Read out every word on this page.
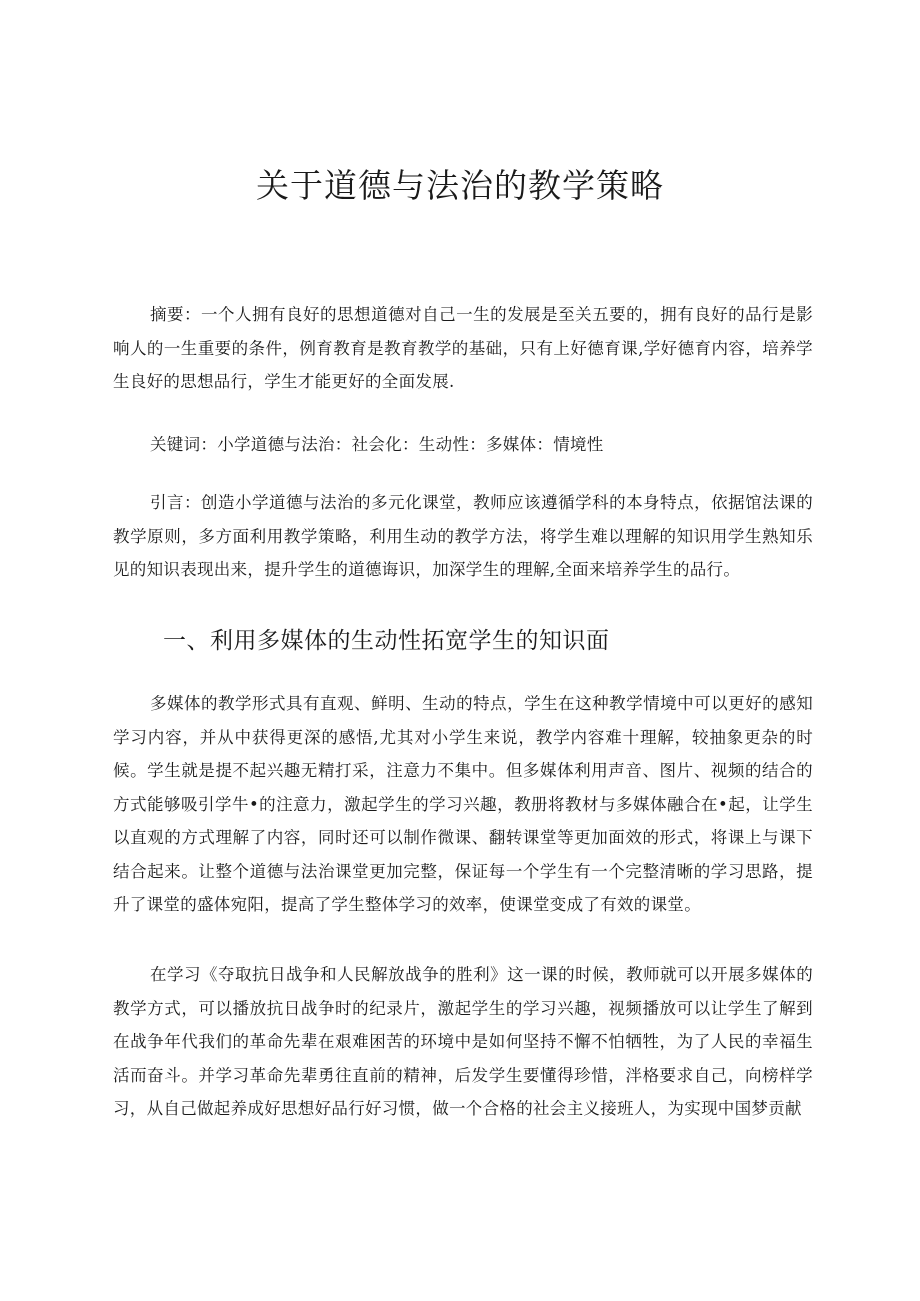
关于道德与法治的教学策略

摘要：一个人拥有良好的思想道德对自己一生的发展是至关五要的，拥有良好的品行是影响人的一生重要的条件，例育教育是教育教学的基础，只有上好德育课,学好德育内容，培养学生良好的思想品行，学生才能更好的全面发展.

关键词：小学道德与法治：社会化：生动性：多媒体：情境性

引言：创造小学道德与法治的多元化课堂，教师应该遵循学科的本身特点，依据馆法课的教学原则，多方面利用教学策略，利用生动的教学方法，将学生难以理解的知识用学生熟知乐见的知识表现出来，提升学生的道德诲识，加深学生的理解,全面来培养学生的品行。

一、利用多媒体的生动性拓宽学生的知识面

多媒体的教学形式具有直观、鲜明、生动的特点，学生在这种教学情境中可以更好的感知学习内容，并从中获得更深的感悟,尤其对小学生来说，教学内容难十理解，较抽象更杂的时候。学生就是提不起兴趣无精打采，注意力不集中。但多媒体利用声音、图片、视频的结合的方式能够吸引学牛•的注意力，激起学生的学习兴趣，教册将教材与多媒体融合在•起，让学生以直观的方式理解了内容，同时还可以制作微课、翻转课堂等更加面效的形式，将课上与课下结合起来。让整个道德与法治课堂更加完整，保证每一个学生有一个完整清晰的学习思路，提升了课堂的盛体宛阳，提高了学生整体学习的效率，使课堂变成了有效的课堂。

在学习《夺取抗日战争和人民解放战争的胜利》这一课的时候，教师就可以开展多媒体的教学方式，可以播放抗日战争时的纪录片，激起学生的学习兴趣，视频播放可以让学生了解到在战争年代我们的革命先辈在艰难困苦的环境中是如何坚持不懈不怕牺牲，为了人民的幸福生活而奋斗。并学习革命先辈勇往直前的精神，后发学生要懂得珍惜，泮格要求自己，向榜样学习，从自己做起养成好思想好品行好习惯，做一个合格的社会主义接班人，为实现中国梦贡献
